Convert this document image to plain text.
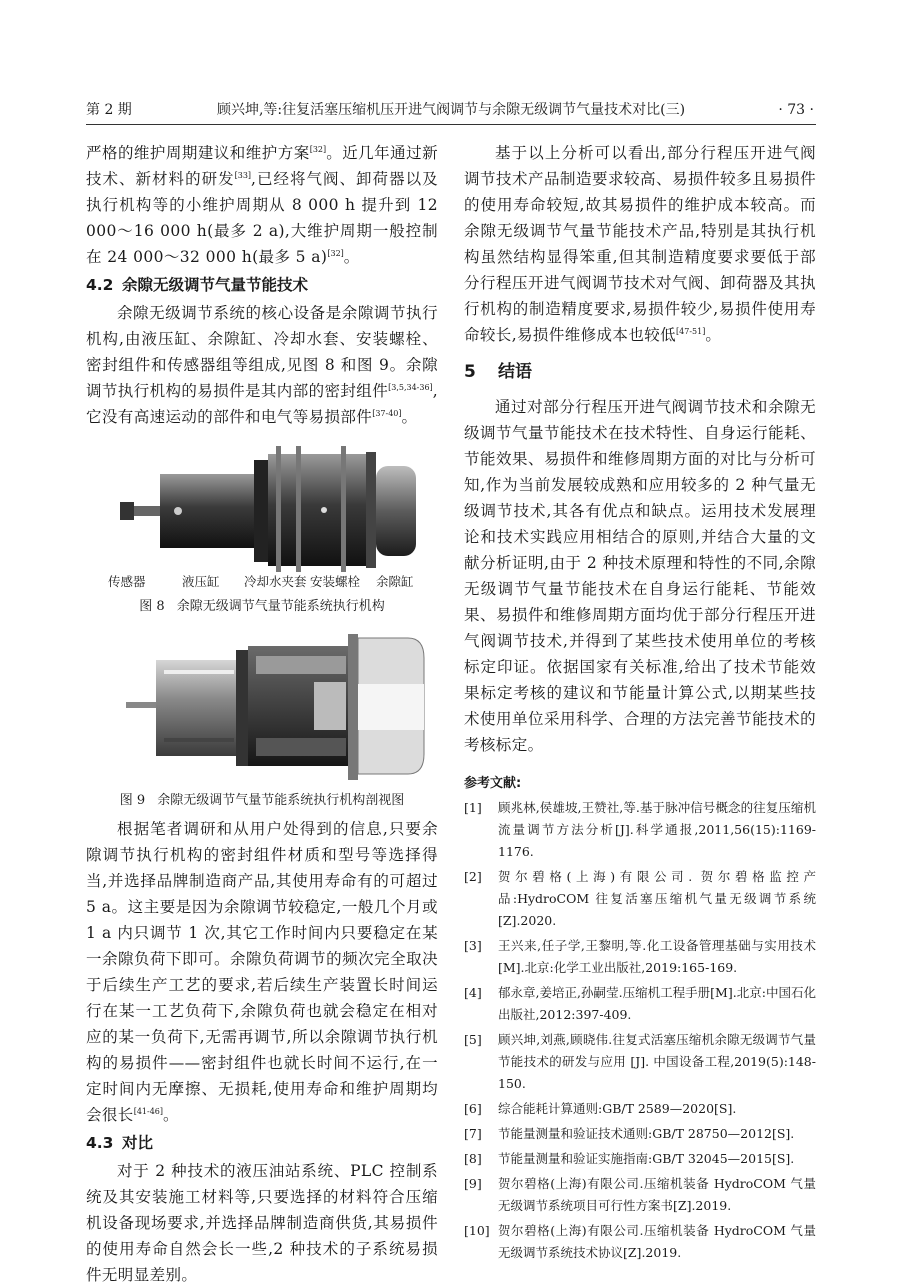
第 2 期	顾兴坤,等:往复活塞压缩机压开进气阀调节与余隙无级调节气量技术对比(三)	· 73 ·

严格的维护周期建议和维护方案[32]。近几年通过新技术、新材料的研发[33],已经将气阀、卸荷器以及执行机构等的小维护周期从 8 000 h 提升到 12 000～16 000 h(最多 2 a),大维护周期一般控制在 24 000～32 000 h(最多 5 a)[32]。

4.2 余隙无级调节气量节能技术

余隙无级调节系统的核心设备是余隙调节执行机构,由液压缸、余隙缸、冷却水套、安装螺栓、密封组件和传感器组等组成,见图 8 和图 9。余隙调节执行机构的易损件是其内部的密封组件[3,5,34-36],它没有高速运动的部件和电气等易损部件[37-40]。

传感器	液压缸 冷却水夹套 安装螺栓 余隙缸
图 8 余隙无级调节气量节能系统执行机构
图 9 余隙无级调节气量节能系统执行机构剖视图

根据笔者调研和从用户处得到的信息,只要余隙调节执行机构的密封组件材质和型号等选择得当,并选择品牌制造商产品,其使用寿命有的可超过 5 a。这主要是因为余隙调节较稳定,一般几个月或 1 a 内只调节 1 次,其它工作时间内只要稳定在某一余隙负荷下即可。余隙负荷调节的频次完全取决于后续生产工艺的要求,若后续生产装置长时间运行在某一工艺负荷下,余隙负荷也就会稳定在相对应的某一负荷下,无需再调节,所以余隙调节执行机构的易损件——密封组件也就长时间不运行,在一定时间内无摩擦、无损耗,使用寿命和维护周期均会很长[41-46]。

4.3 对比

对于 2 种技术的液压油站系统、PLC 控制系统及其安装施工材料等,只要选择的材料符合压缩机设备现场要求,并选择品牌制造商供货,其易损件的使用寿命自然会长一些,2 种技术的子系统易损件无明显差别。

基于以上分析可以看出,部分行程压开进气阀调节技术产品制造要求较高、易损件较多且易损件的使用寿命较短,故其易损件的维护成本较高。而余隙无级调节气量节能技术产品,特别是其执行机构虽然结构显得笨重,但其制造精度要求要低于部分行程压开进气阀调节技术对气阀、卸荷器及其执行机构的制造精度要求,易损件较少,易损件使用寿命较长,易损件维修成本也较低[47-51]。

5 结语

通过对部分行程压开进气阀调节技术和余隙无级调节气量节能技术在技术特性、自身运行能耗、节能效果、易损件和维修周期方面的对比与分析可知,作为当前发展较成熟和应用较多的 2 种气量无级调节技术,其各有优点和缺点。运用技术发展理论和技术实践应用相结合的原则,并结合大量的文献分析证明,由于 2 种技术原理和特性的不同,余隙无级调节气量节能技术在自身运行能耗、节能效果、易损件和维修周期方面均优于部分行程压开进气阀调节技术,并得到了某些技术使用单位的考核标定印证。依据国家有关标准,给出了技术节能效果标定考核的建议和节能量计算公式,以期某些技术使用单位采用科学、合理的方法完善节能技术的考核标定。

参考文献:
[1] 顾兆林,侯雄坡,王赞社,等.基于脉冲信号概念的往复压缩机流量调节方法分析[J].科学通报,2011,56(15):1169-1176.
[2] 贺尔碧格(上海)有限公司. 贺尔碧格监控产品:HydroCOM 往复活塞压缩机气量无级调节系统[Z].2020.
[3] 王兴来,任子学,王黎明,等.化工设备管理基础与实用技术[M].北京:化学工业出版社,2019:165-169.
[4] 郁永章,姜培正,孙嗣莹.压缩机工程手册[M].北京:中国石化出版社,2012:397-409.
[5] 顾兴坤,刘燕,顾晓伟.往复式活塞压缩机余隙无级调节气量节能技术的研发与应用 [J]. 中国设备工程,2019(5):148-150.
[6] 综合能耗计算通则:GB/T 2589—2020[S].
[7] 节能量测量和验证技术通则:GB/T 28750—2012[S].
[8] 节能量测量和验证实施指南:GB/T 32045—2015[S].
[9] 贺尔碧格(上海)有限公司.压缩机装备 HydroCOM 气量无级调节系统项目可行性方案书[Z].2019.
[10] 贺尔碧格(上海)有限公司.压缩机装备 HydroCOM 气量无级调节系统技术协议[Z].2019.
